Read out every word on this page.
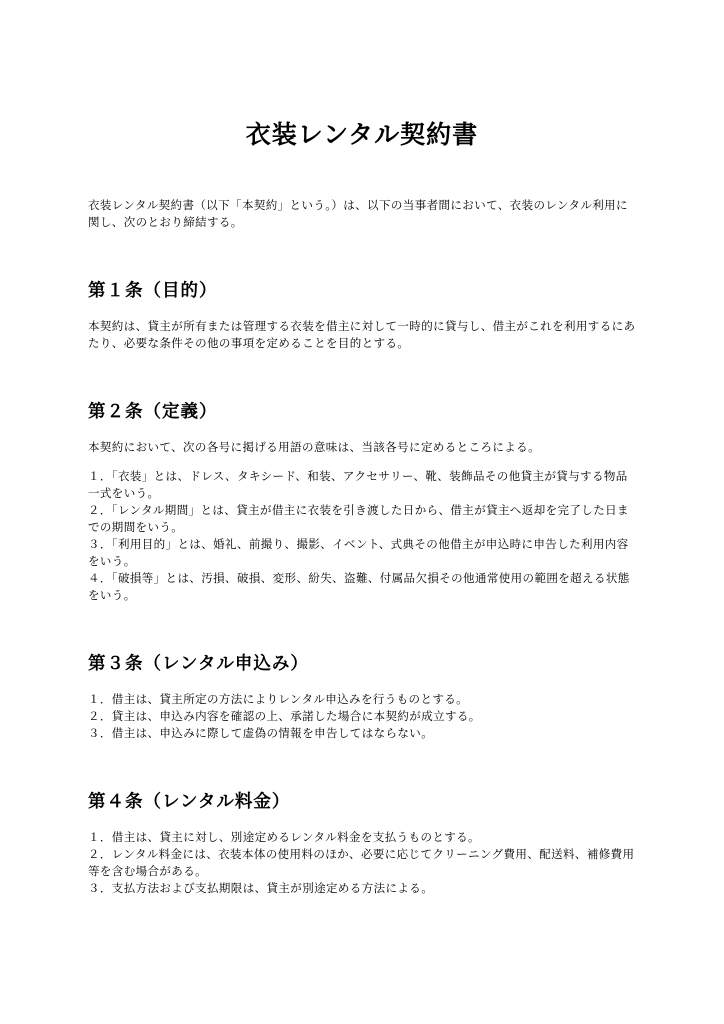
衣装レンタル契約書

衣装レンタル契約書（以下「本契約」という。）は、以下の当事者間において、衣装のレンタル利用に関し、次のとおり締結する。

第１条（目的）

本契約は、貸主が所有または管理する衣装を借主に対して一時的に貸与し、借主がこれを利用するにあたり、必要な条件その他の事項を定めることを目的とする。

第２条（定義）

本契約において、次の各号に掲げる用語の意味は、当該各号に定めるところによる。

１．「衣装」とは、ドレス、タキシード、和装、アクセサリー、靴、装飾品その他貸主が貸与する物品一式をいう。
２．「レンタル期間」とは、貸主が借主に衣装を引き渡した日から、借主が貸主へ返却を完了した日までの期間をいう。
３．「利用目的」とは、婚礼、前撮り、撮影、イベント、式典その他借主が申込時に申告した利用内容をいう。
４．「破損等」とは、汚損、破損、変形、紛失、盗難、付属品欠損その他通常使用の範囲を超える状態をいう。
第３条（レンタル申込み）
１．借主は、貸主所定の方法によりレンタル申込みを行うものとする。
２．貸主は、申込み内容を確認の上、承諾した場合に本契約が成立する。
３．借主は、申込みに際して虚偽の情報を申告してはならない。
第４条（レンタル料金）
１．借主は、貸主に対し、別途定めるレンタル料金を支払うものとする。
２．レンタル料金には、衣装本体の使用料のほか、必要に応じてクリーニング費用、配送料、補修費用等を含む場合がある。
３．支払方法および支払期限は、貸主が別途定める方法による。
